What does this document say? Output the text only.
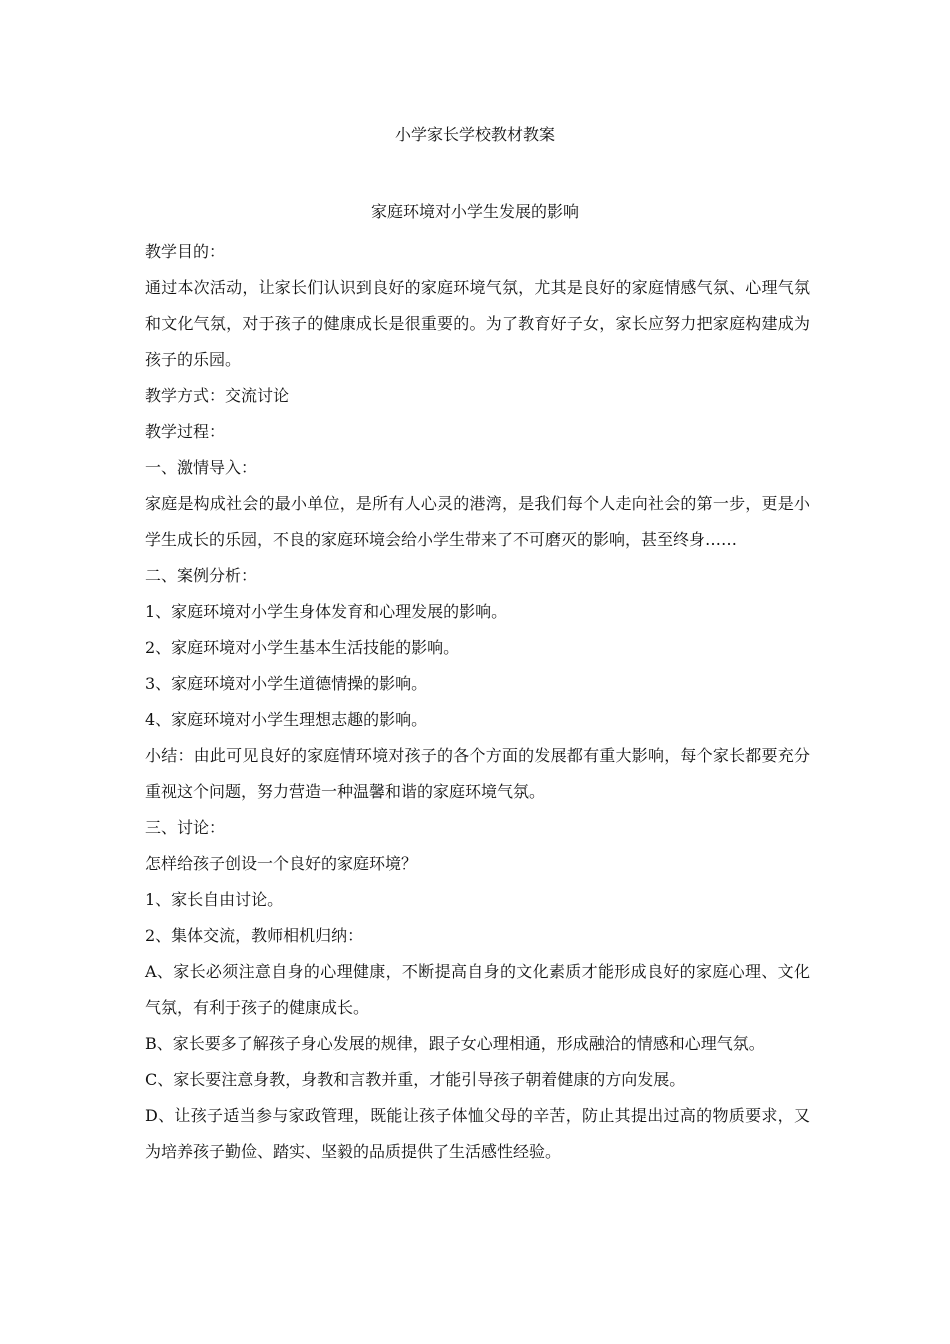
小学家长学校教材教案
家庭环境对小学生发展的影响

教学目的：

通过本次活动，让家长们认识到良好的家庭环境气氛，尤其是良好的家庭情感气氛、心理气氛和文化气氛，对于孩子的健康成长是很重要的。为了教育好子女，家长应努力把家庭构建成为孩子的乐园。

教学方式：交流讨论

教学过程：

一、激情导入：

家庭是构成社会的最小单位，是所有人心灵的港湾，是我们每个人走向社会的第一步，更是小学生成长的乐园，不良的家庭环境会给小学生带来了不可磨灭的影响，甚至终身……

二、案例分析：

1、家庭环境对小学生身体发育和心理发展的影响。

2、家庭环境对小学生基本生活技能的影响。

3、家庭环境对小学生道德情操的影响。

4、家庭环境对小学生理想志趣的影响。

小结：由此可见良好的家庭情环境对孩子的各个方面的发展都有重大影响，每个家长都要充分重视这个问题，努力营造一种温馨和谐的家庭环境气氛。

三、讨论：

怎样给孩子创设一个良好的家庭环境？

1、家长自由讨论。

2、集体交流，教师相机归纳：

A、家长必须注意自身的心理健康，不断提高自身的文化素质才能形成良好的家庭心理、文化气氛，有利于孩子的健康成长。

B、家长要多了解孩子身心发展的规律，跟子女心理相通，形成融洽的情感和心理气氛。

C、家长要注意身教，身教和言教并重，才能引导孩子朝着健康的方向发展。

D、让孩子适当参与家政管理，既能让孩子体恤父母的辛苦，防止其提出过高的物质要求，又为培养孩子勤俭、踏实、坚毅的品质提供了生活感性经验。
